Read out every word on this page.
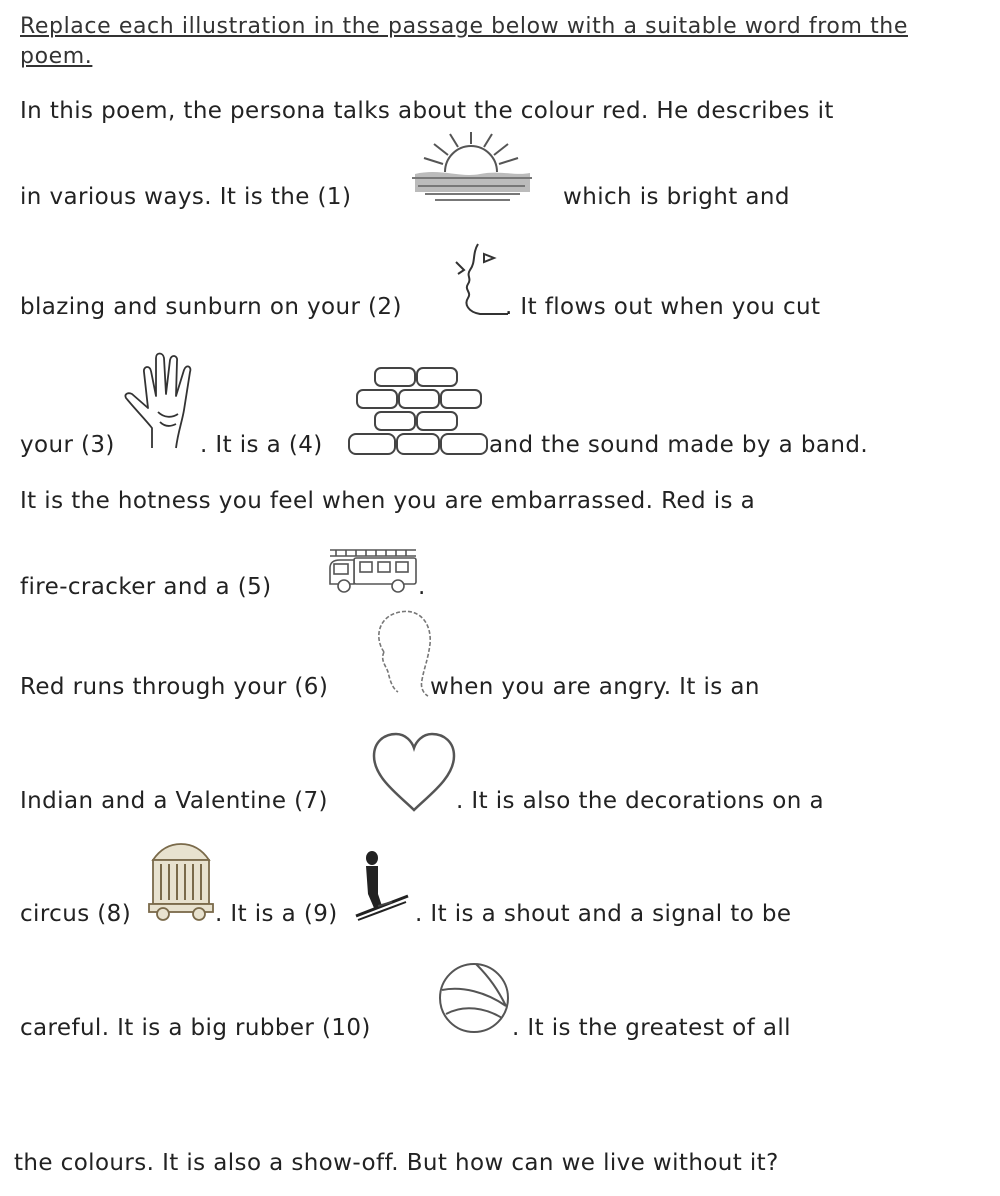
Replace each illustration in the passage below with a suitable word from the poem.
In this poem, the persona talks about the colour red. He describes it
in various ways. It is the (1)	which is bright and
blazing and sunburn on your (2)	. It flows out when you cut
your (3)	. It is a (4)	and the sound made by a band.
It is the hotness you feel when you are embarrassed. Red is a
fire-cracker and a (5)	.
Red runs through your (6)	when you are angry. It is an
Indian and a Valentine (7)	. It is also the decorations on a
circus (8)	. It is a (9)	. It is a shout and a signal to be
careful. It is a big rubber (10)	. It is the greatest of all
the colours. It is also a show-off. But how can we live without it?
